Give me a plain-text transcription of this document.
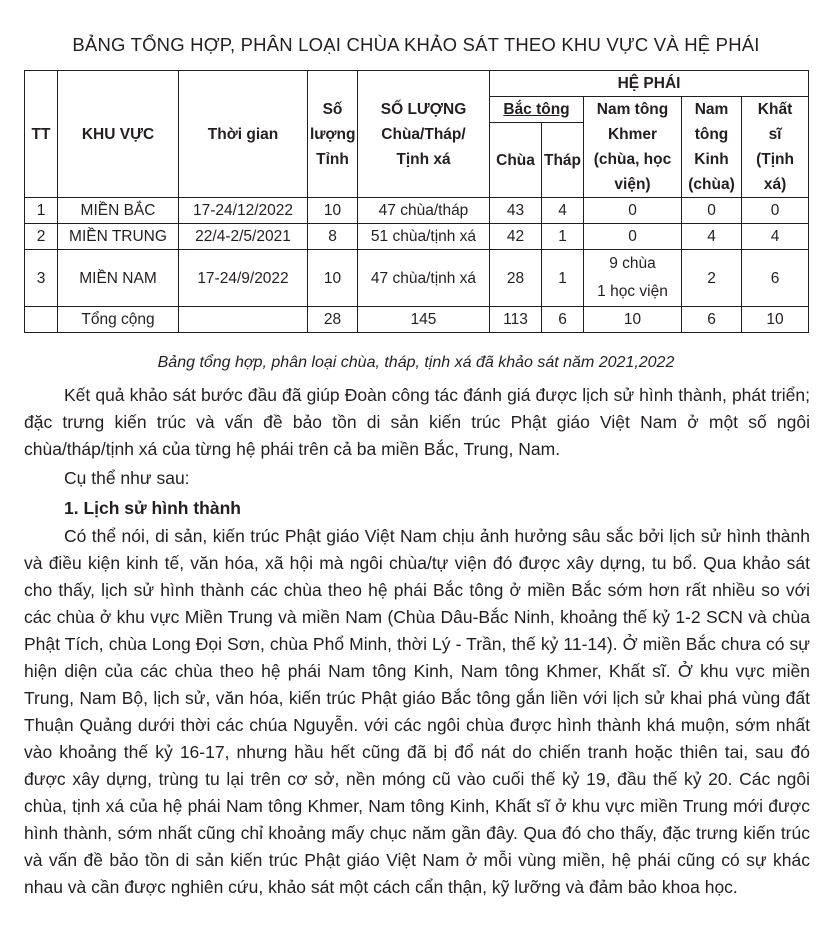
BẢNG TỔNG HỢP, PHÂN LOẠI CHÙA KHẢO SÁT THEO KHU VỰC VÀ HỆ PHÁI
TT	KHU VỰC	Thời gian	Số
lượng
Tỉnh	SỐ LƯỢNG
Chùa/Tháp/
Tịnh xá	HỆ PHÁI				
					Bắc tông		Nam tông
Khmer
(chùa, học
viện)	Nam
tông
Kinh
(chùa)	Khất
sĩ
(Tịnh
xá)
					Chùa	Tháp			

1	MIỀN BẮC	17-24/12/2022	10	47 chùa/tháp	43	4	0	0	0
2	MIỀN TRUNG	22/4-2/5/2021	8	51 chùa/tịnh xá	42	1	0	4	4
3	MIỀN NAM	17-24/9/2022	10	47 chùa/tịnh xá	28	1	9 chùa
1 học viện	2	6
	Tổng cộng		28	145	113	6	10	6	10
Bảng tổng hợp, phân loại chùa, tháp, tịnh xá đã khảo sát năm 2021,2022

Kết quả khảo sát bước đầu đã giúp Đoàn công tác đánh giá được lịch sử hình thành, phát triển; đặc trưng kiến trúc và vấn đề bảo tồn di sản kiến trúc Phật giáo Việt Nam ở một số ngôi chùa/tháp/tịnh xá của từng hệ phái trên cả ba miền Bắc, Trung, Nam.

Cụ thể như sau:

1. Lịch sử hình thành

Có thể nói, di sản, kiến trúc Phật giáo Việt Nam chịu ảnh hưởng sâu sắc bởi lịch sử hình thành và điều kiện kinh tế, văn hóa, xã hội mà ngôi chùa/tự viện đó được xây dựng, tu bổ. Qua khảo sát cho thấy, lịch sử hình thành các chùa theo hệ phái Bắc tông ở miền Bắc sớm hơn rất nhiều so với các chùa ở khu vực Miền Trung và miền Nam (Chùa Dâu-Bắc Ninh, khoảng thế kỷ 1-2 SCN và chùa Phật Tích, chùa Long Đọi Sơn, chùa Phổ Minh, thời Lý - Trần, thế kỷ 11-14). Ở miền Bắc chưa có sự hiện diện của các chùa theo hệ phái Nam tông Kinh, Nam tông Khmer, Khất sĩ. Ở khu vực miền Trung, Nam Bộ, lịch sử, văn hóa, kiến trúc Phật giáo Bắc tông gắn liền với lịch sử khai phá vùng đất Thuận Quảng dưới thời các chúa Nguyễn. với các ngôi chùa được hình thành khá muộn, sớm nhất vào khoảng thế kỷ 16-17, nhưng hầu hết cũng đã bị đổ nát do chiến tranh hoặc thiên tai, sau đó được xây dựng, trùng tu lại trên cơ sở, nền móng cũ vào cuối thế kỷ 19, đầu thế kỷ 20. Các ngôi chùa, tịnh xá của hệ phái Nam tông Khmer, Nam tông Kinh, Khất sĩ ở khu vực miền Trung mới được hình thành, sớm nhất cũng chỉ khoảng mấy chục năm gần đây. Qua đó cho thấy, đặc trưng kiến trúc và vấn đề bảo tồn di sản kiến trúc Phật giáo Việt Nam ở mỗi vùng miền, hệ phái cũng có sự khác nhau và cần được nghiên cứu, khảo sát một cách cẩn thận, kỹ lưỡng và đảm bảo khoa học.
